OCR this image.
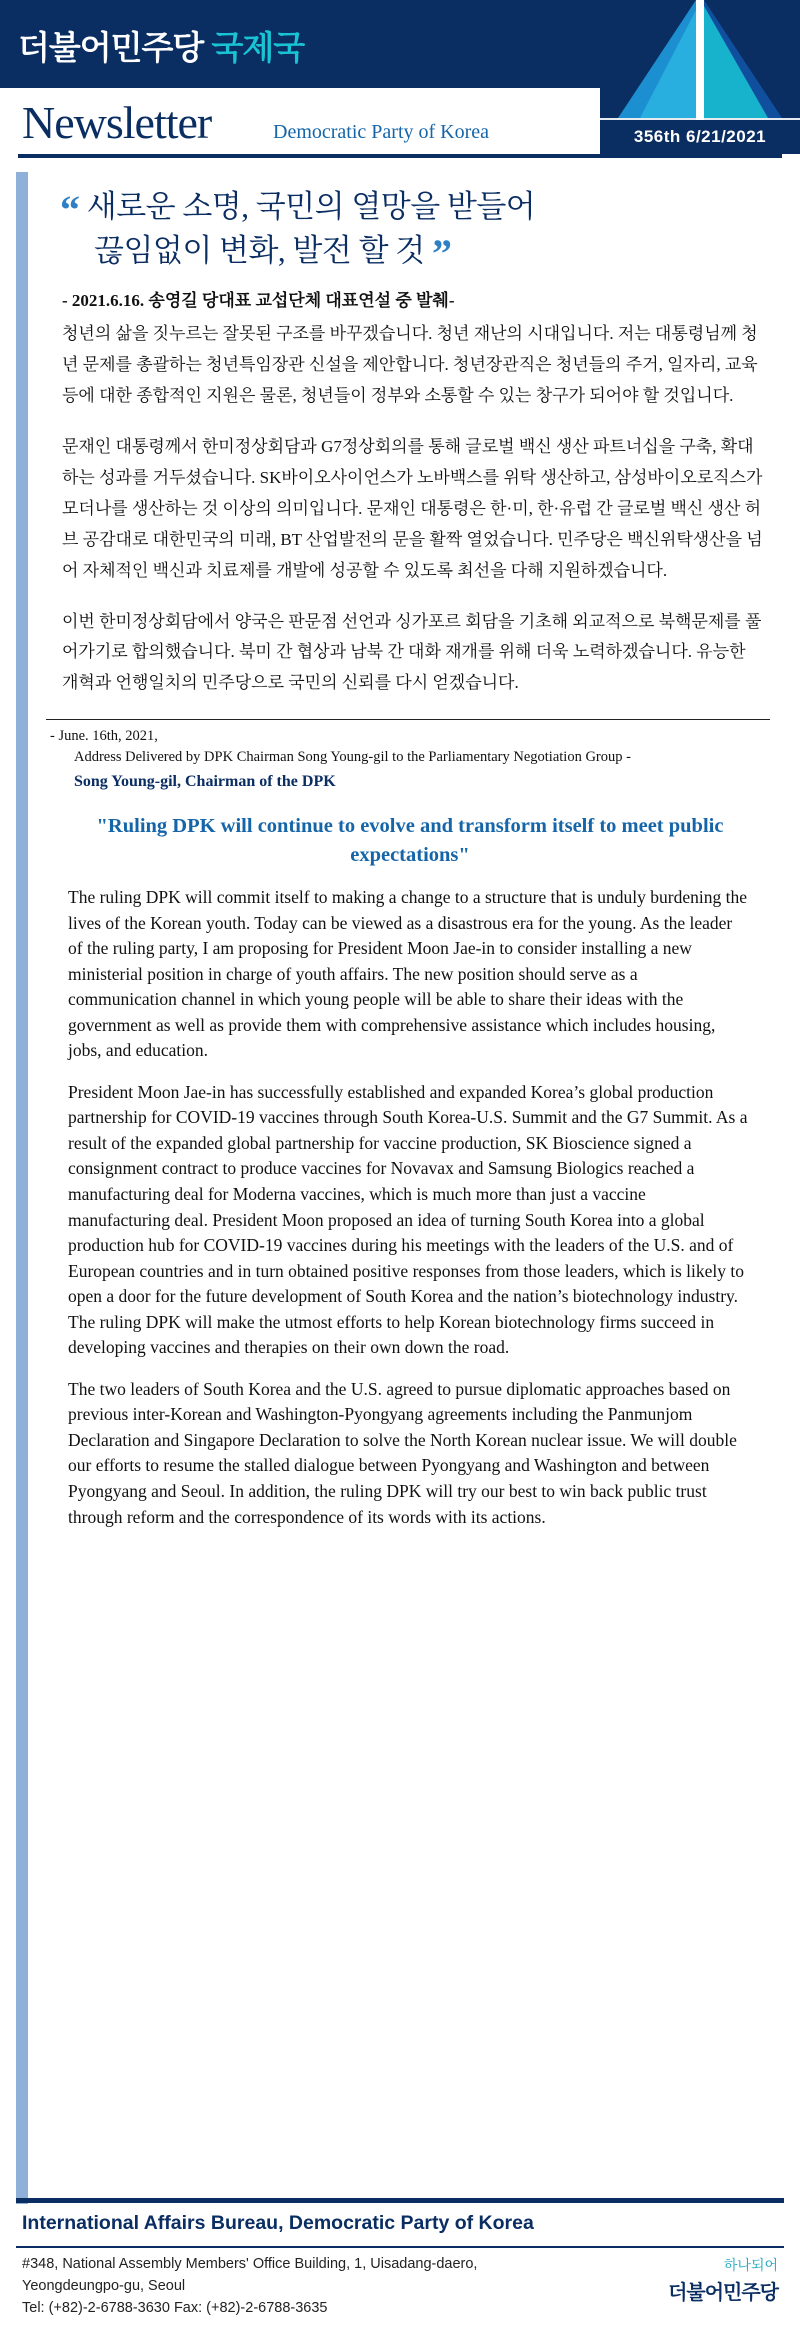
더불어민주당 국제국
Newsletter	Democratic Party of Korea	356th 6/21/2021
“ 새로운 소명, 국민의 열망을 받들어
끊임없이 변화, 발전 할 것 ”
- 2021.6.16. 송영길 당대표 교섭단체 대표연설 중 발췌-

청년의 삶을 짓누르는 잘못된 구조를 바꾸겠습니다. 청년 재난의 시대입니다. 저는 대통령님께 청년 문제를 총괄하는 청년특임장관 신설을 제안합니다. 청년장관직은 청년들의 주거, 일자리, 교육 등에 대한 종합적인 지원은 물론, 청년들이 정부와 소통할 수 있는 창구가 되어야 할 것입니다.

문재인 대통령께서 한미정상회담과 G7정상회의를 통해 글로벌 백신 생산 파트너십을 구축, 확대하는 성과를 거두셨습니다. SK바이오사이언스가 노바백스를 위탁 생산하고, 삼성바이오로직스가 모더나를 생산하는 것 이상의 의미입니다. 문재인 대통령은 한·미, 한·유럽 간 글로벌 백신 생산 허브 공감대로 대한민국의 미래, BT 산업발전의 문을 활짝 열었습니다. 민주당은 백신위탁생산을 넘어 자체적인 백신과 치료제를 개발에 성공할 수 있도록 최선을 다해 지원하겠습니다.

이번 한미정상회담에서 양국은 판문점 선언과 싱가포르 회담을 기초해 외교적으로 북핵문제를 풀어가기로 합의했습니다. 북미 간 협상과 남북 간 대화 재개를 위해 더욱 노력하겠습니다. 유능한 개혁과 언행일치의 민주당으로 국민의 신뢰를 다시 얻겠습니다.

- June. 16th, 2021,
Address Delivered by DPK Chairman Song Young-gil to the Parliamentary Negotiation Group -
Song Young-gil, Chairman of the DPK
"Ruling DPK will continue to evolve and transform itself to meet public expectations"

The ruling DPK will commit itself to making a change to a structure that is unduly burdening the lives of the Korean youth. Today can be viewed as a disastrous era for the young. As the leader of the ruling party, I am proposing for President Moon Jae-in to consider installing a new ministerial position in charge of youth affairs. The new position should serve as a communication channel in which young people will be able to share their ideas with the government as well as provide them with comprehensive assistance which includes housing, jobs, and education.

President Moon Jae-in has successfully established and expanded Korea’s global production partnership for COVID-19 vaccines through South Korea-U.S. Summit and the G7 Summit. As a result of the expanded global partnership for vaccine production, SK Bioscience signed a consignment contract to produce vaccines for Novavax and Samsung Biologics reached a manufacturing deal for Moderna vaccines, which is much more than just a vaccine manufacturing deal. President Moon proposed an idea of turning South Korea into a global production hub for COVID-19 vaccines during his meetings with the leaders of the U.S. and of European countries and in turn obtained positive responses from those leaders, which is likely to open a door for the future development of South Korea and the nation’s biotechnology industry. The ruling DPK will make the utmost efforts to help Korean biotechnology firms succeed in developing vaccines and therapies on their own down the road.

The two leaders of South Korea and the U.S. agreed to pursue diplomatic approaches based on previous inter-Korean and Washington-Pyongyang agreements including the Panmunjom Declaration and Singapore Declaration to solve the North Korean nuclear issue. We will double our efforts to resume the stalled dialogue between Pyongyang and Washington and between Pyongyang and Seoul. In addition, the ruling DPK will try our best to win back public trust through reform and the correspondence of its words with its actions.

International Affairs Bureau, Democratic Party of Korea
#348, National Assembly Members' Office Building, 1, Uisadang-daero, Yeongdeungpo-gu, Seoul
Tel: (+82)-2-6788-3630 Fax: (+82)-2-6788-3635
하나되어
더불어민주당
